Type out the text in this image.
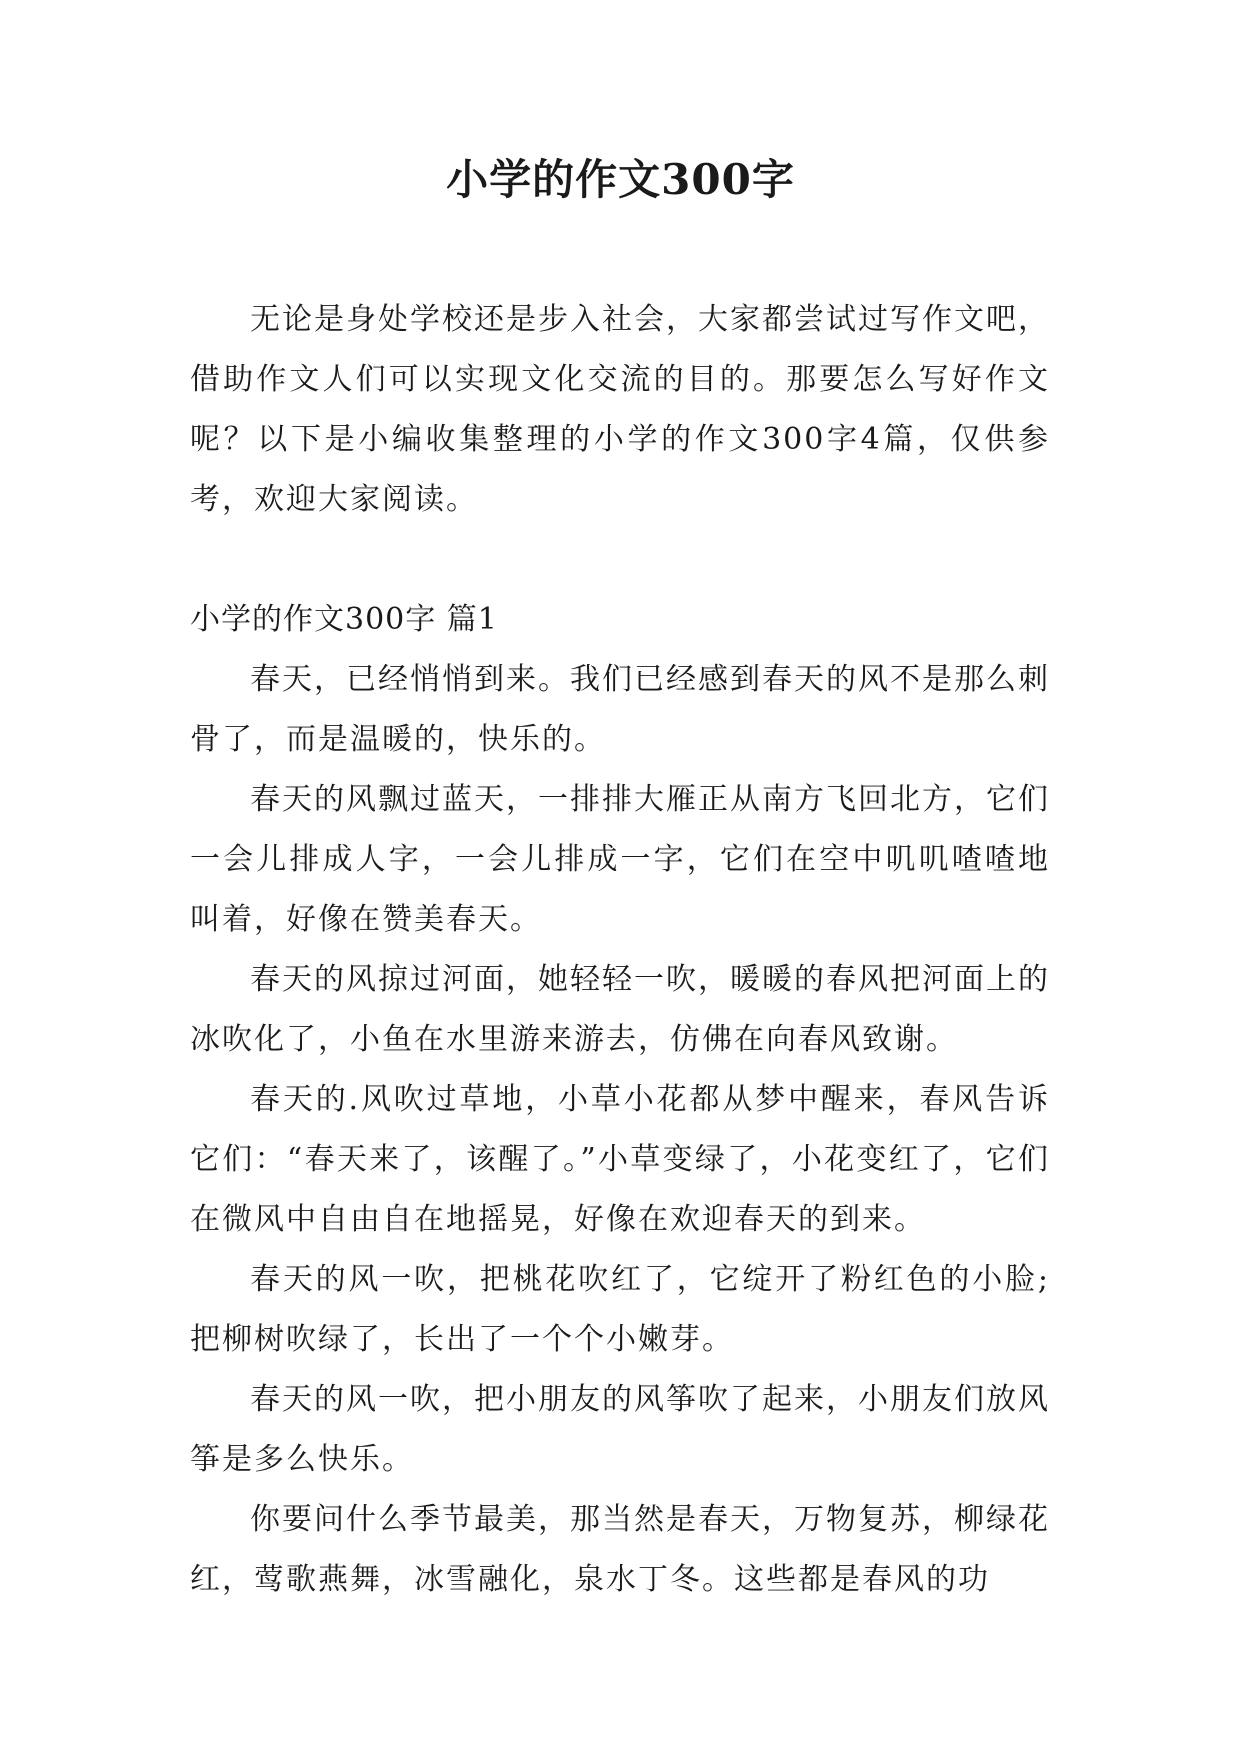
小学的作文300字

无论是身处学校还是步入社会，大家都尝试过写作文吧，借助作文人们可以实现文化交流的目的。那要怎么写好作文呢？以下是小编收集整理的小学的作文300字4篇，仅供参考，欢迎大家阅读。

小学的作文300字 篇1

春天，已经悄悄到来。我们已经感到春天的风不是那么刺骨了，而是温暖的，快乐的。

春天的风飘过蓝天，一排排大雁正从南方飞回北方，它们一会儿排成人字，一会儿排成一字，它们在空中叽叽喳喳地叫着，好像在赞美春天。

春天的风掠过河面，她轻轻一吹，暖暖的春风把河面上的冰吹化了，小鱼在水里游来游去，仿佛在向春风致谢。

春天的.风吹过草地，小草小花都从梦中醒来，春风告诉它们：“春天来了，该醒了。”小草变绿了，小花变红了，它们在微风中自由自在地摇晃，好像在欢迎春天的到来。

春天的风一吹，把桃花吹红了，它绽开了粉红色的小脸;把柳树吹绿了，长出了一个个小嫩芽。

春天的风一吹，把小朋友的风筝吹了起来，小朋友们放风筝是多么快乐。

你要问什么季节最美，那当然是春天，万物复苏，柳绿花红，莺歌燕舞，冰雪融化，泉水丁冬。这些都是春风的功
